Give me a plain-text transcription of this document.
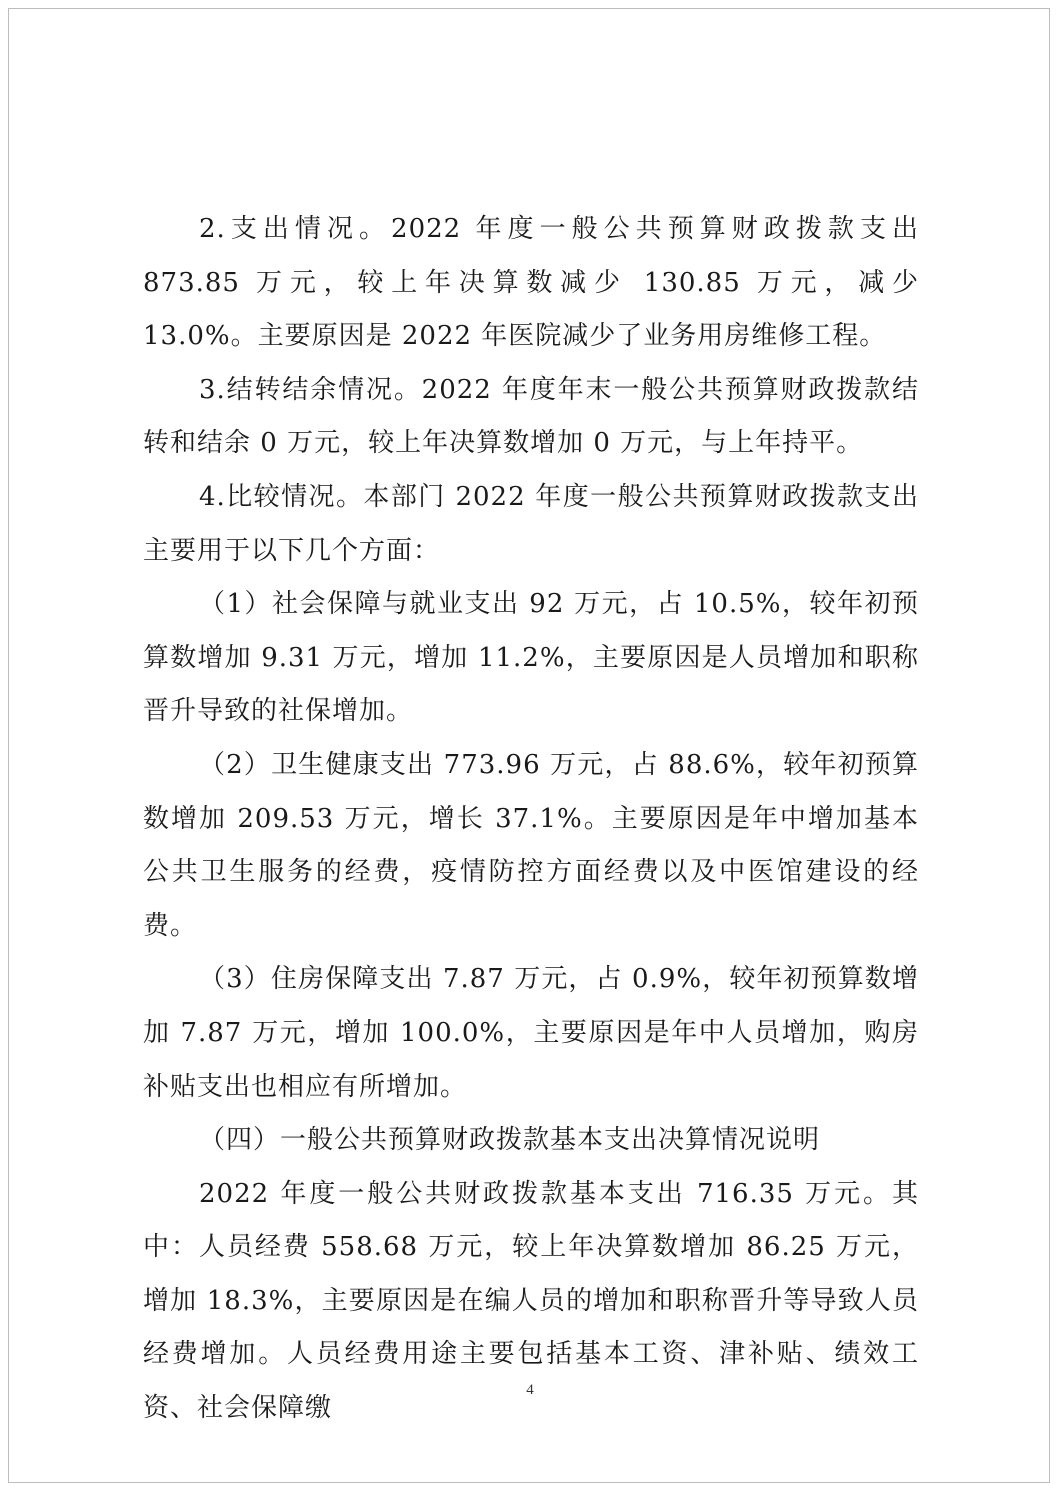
2.支出情况。2022 年度一般公共预算财政拨款支出 873.85 万元，较上年决算数减少 130.85 万元，减少 13.0%。主要原因是 2022 年医院减少了业务用房维修工程。

3.结转结余情况。2022 年度年末一般公共预算财政拨款结转和结余 0 万元，较上年决算数增加 0 万元，与上年持平。

4.比较情况。本部门 2022 年度一般公共预算财政拨款支出主要用于以下几个方面：

（1）社会保障与就业支出 92 万元，占 10.5%，较年初预算数增加 9.31 万元，增加 11.2%，主要原因是人员增加和职称晋升导致的社保增加。

（2）卫生健康支出 773.96 万元，占 88.6%，较年初预算数增加 209.53 万元，增长 37.1%。主要原因是年中增加基本公共卫生服务的经费，疫情防控方面经费以及中医馆建设的经费。

（3）住房保障支出 7.87 万元，占 0.9%，较年初预算数增加 7.87 万元，增加 100.0%，主要原因是年中人员增加，购房补贴支出也相应有所增加。

（四）一般公共预算财政拨款基本支出决算情况说明

2022 年度一般公共财政拨款基本支出 716.35 万元。其中：人员经费 558.68 万元，较上年决算数增加 86.25 万元，增加 18.3%，主要原因是在编人员的增加和职称晋升等导致人员经费增加。人员经费用途主要包括基本工资、津补贴、绩效工资、社会保障缴

4
